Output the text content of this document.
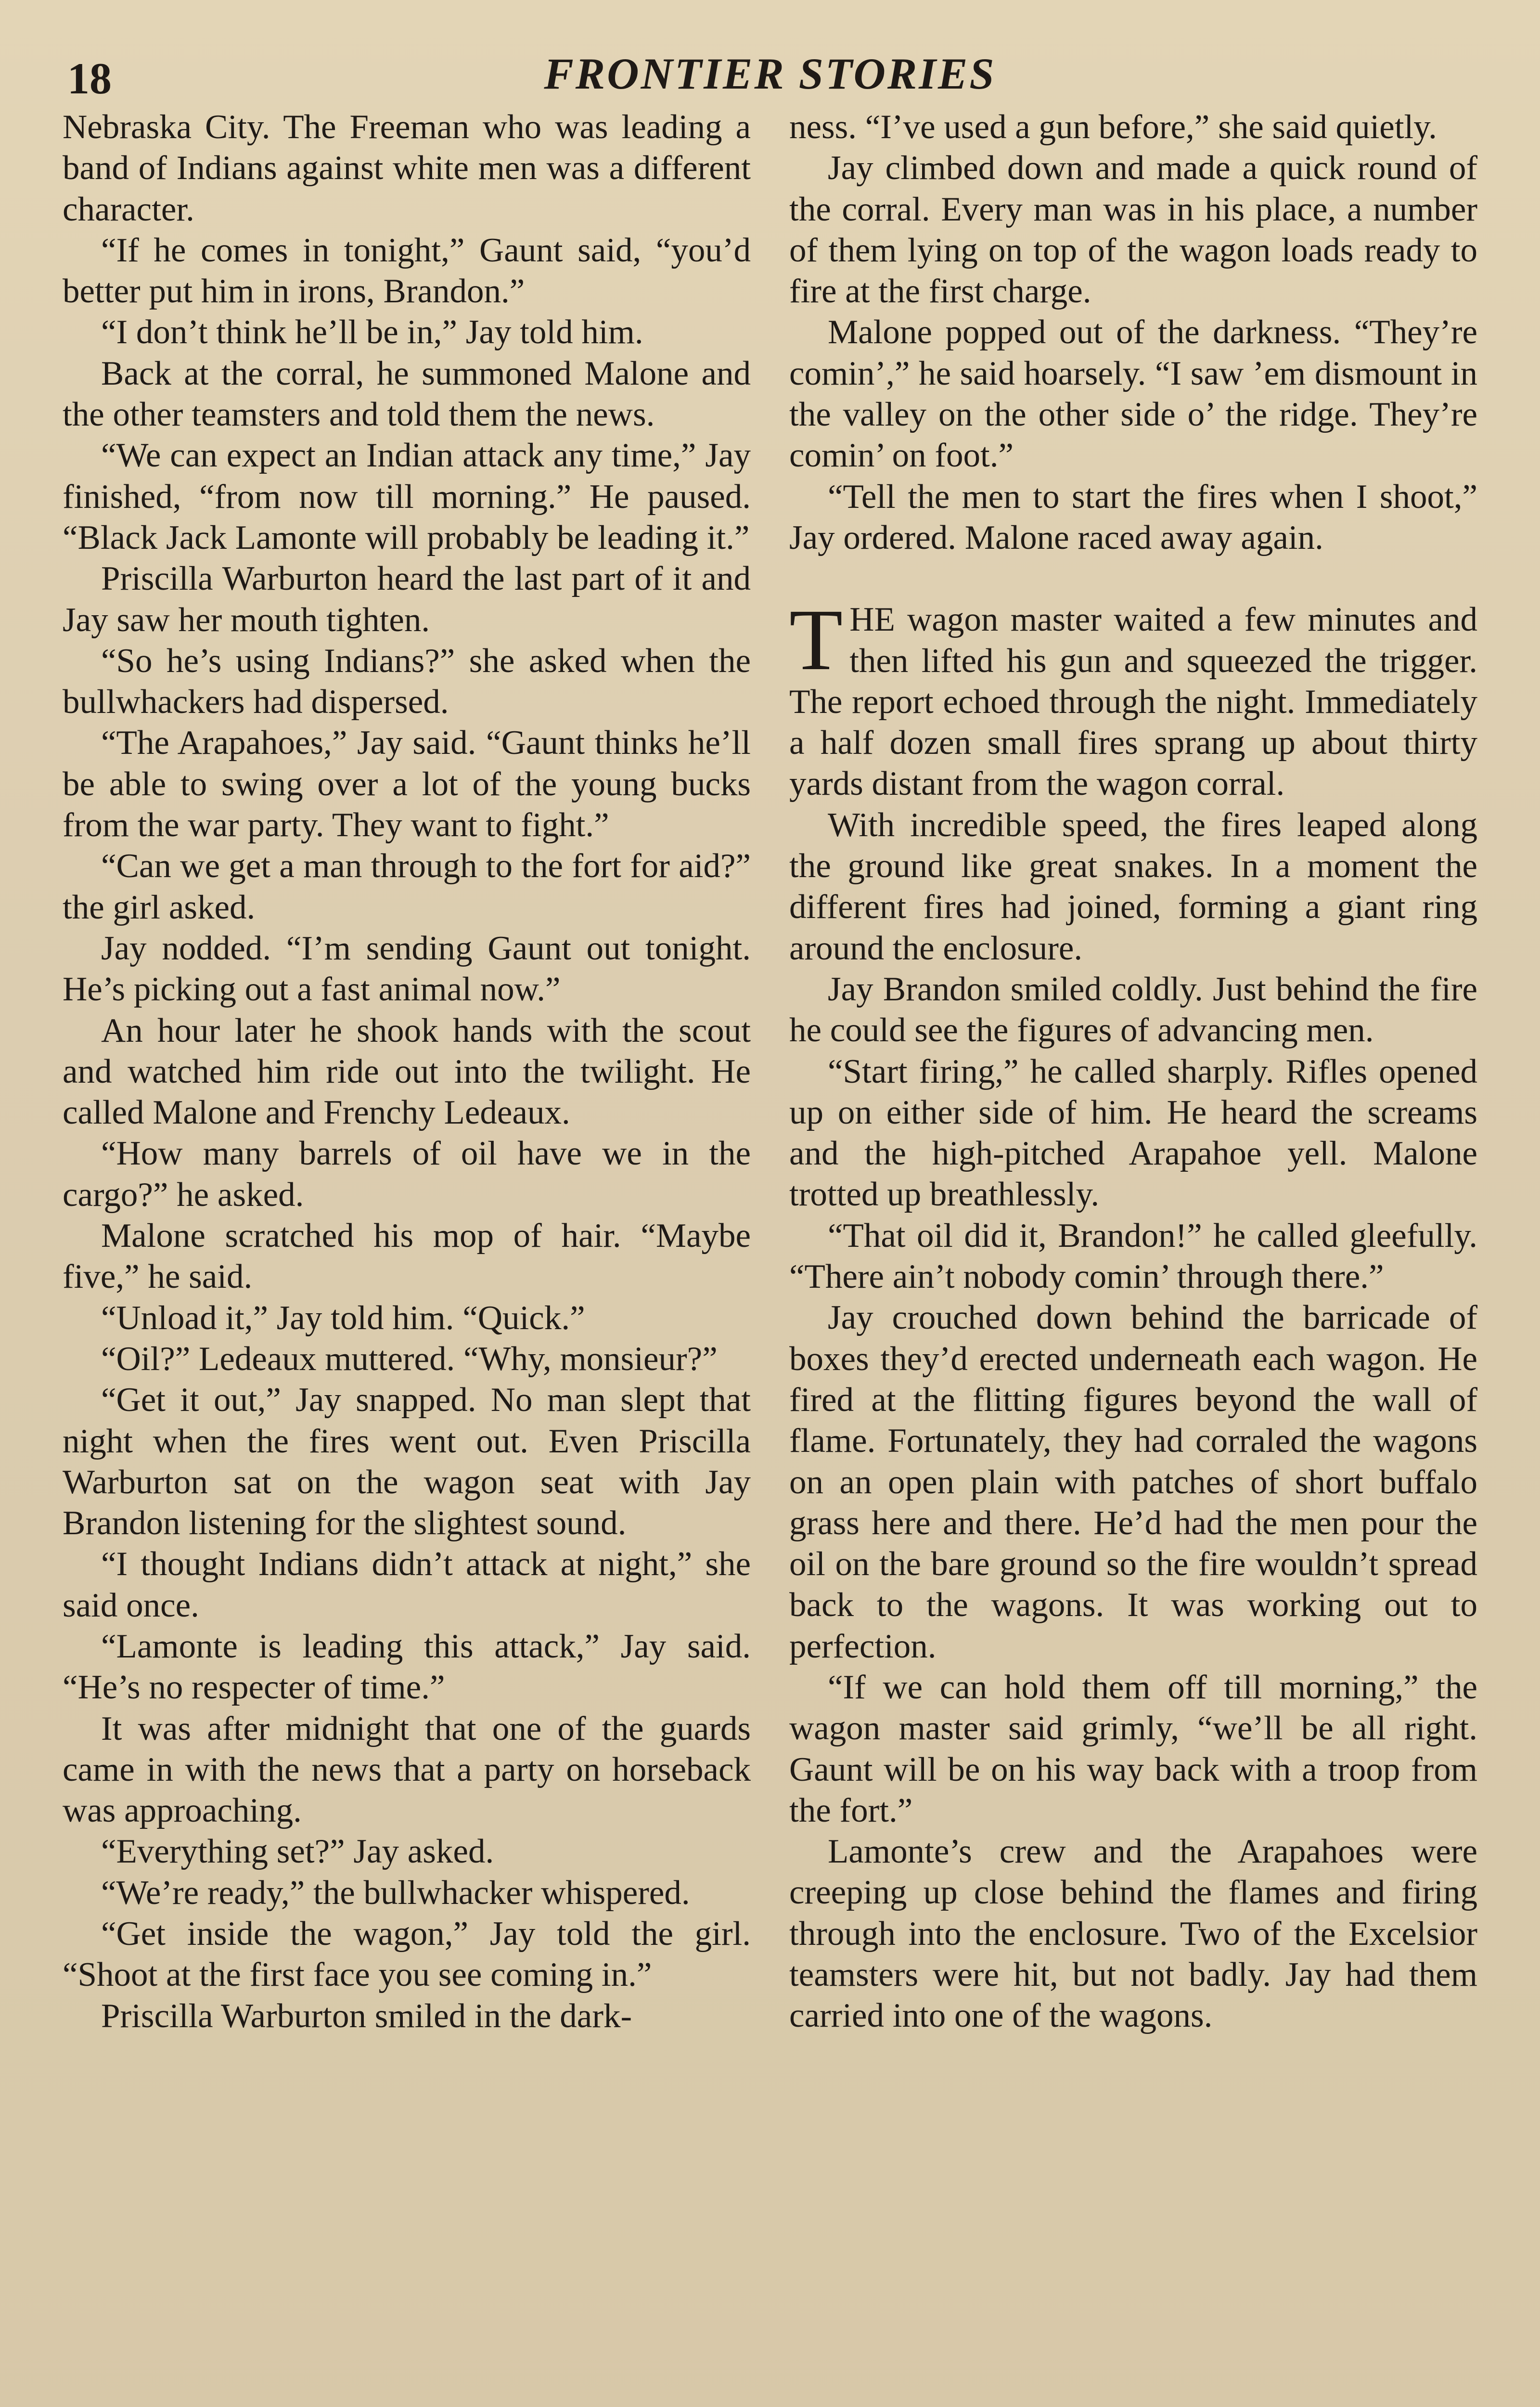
18	FRONTIER STORIES

Nebraska City. The Freeman who was leading a band of Indians against white men was a different character.

“If he comes in tonight,” Gaunt said, “you’d better put him in irons, Brandon.”

“I don’t think he’ll be in,” Jay told him.

Back at the corral, he summoned Malone and the other teamsters and told them the news.

“We can expect an Indian attack any time,” Jay finished, “from now till morning.” He paused. “Black Jack Lamonte will probably be leading it.”

Priscilla Warburton heard the last part of it and Jay saw her mouth tighten.

“So he’s using Indians?” she asked when the bullwhackers had dispersed.

“The Arapahoes,” Jay said. “Gaunt thinks he’ll be able to swing over a lot of the young bucks from the war party. They want to fight.”

“Can we get a man through to the fort for aid?” the girl asked.

Jay nodded. “I’m sending Gaunt out tonight. He’s picking out a fast animal now.”

An hour later he shook hands with the scout and watched him ride out into the twilight. He called Malone and Frenchy Ledeaux.

“How many barrels of oil have we in the cargo?” he asked.

Malone scratched his mop of hair. “Maybe five,” he said.

“Unload it,” Jay told him. “Quick.”

“Oil?” Ledeaux muttered. “Why, monsieur?”

“Get it out,” Jay snapped. No man slept that night when the fires went out. Even Priscilla Warburton sat on the wagon seat with Jay Brandon listening for the slightest sound.

“I thought Indians didn’t attack at night,” she said once.

“Lamonte is leading this attack,” Jay said. “He’s no respecter of time.”

It was after midnight that one of the guards came in with the news that a party on horseback was approaching.

“Everything set?” Jay asked.

“We’re ready,” the bullwhacker whispered.

“Get inside the wagon,” Jay told the girl. “Shoot at the first face you see coming in.”

Priscilla Warburton smiled in the dark-

ness. “I’ve used a gun before,” she said quietly.

Jay climbed down and made a quick round of the corral. Every man was in his place, a number of them lying on top of the wagon loads ready to fire at the first charge.

Malone popped out of the darkness. “They’re comin’,” he said hoarsely. “I saw ’em dismount in the valley on the other side o’ the ridge. They’re comin’ on foot.”

“Tell the men to start the fires when I shoot,” Jay ordered. Malone raced away again.

THE wagon master waited a few minutes and then lifted his gun and squeezed the trigger. The report echoed through the night. Immediately a half dozen small fires sprang up about thirty yards distant from the wagon corral.

With incredible speed, the fires leaped along the ground like great snakes. In a moment the different fires had joined, forming a giant ring around the enclosure.

Jay Brandon smiled coldly. Just behind the fire he could see the figures of advancing men.

“Start firing,” he called sharply. Rifles opened up on either side of him. He heard the screams and the high-pitched Arapahoe yell. Malone trotted up breathlessly.

“That oil did it, Brandon!” he called gleefully. “There ain’t nobody comin’ through there.”

Jay crouched down behind the barricade of boxes they’d erected underneath each wagon. He fired at the flitting figures beyond the wall of flame. Fortunately, they had corraled the wagons on an open plain with patches of short buffalo grass here and there. He’d had the men pour the oil on the bare ground so the fire wouldn’t spread back to the wagons. It was working out to perfection.

“If we can hold them off till morning,” the wagon master said grimly, “we’ll be all right. Gaunt will be on his way back with a troop from the fort.”

Lamonte’s crew and the Arapahoes were creeping up close behind the flames and firing through into the enclosure. Two of the Excelsior teamsters were hit, but not badly. Jay had them carried into one of the wagons.
